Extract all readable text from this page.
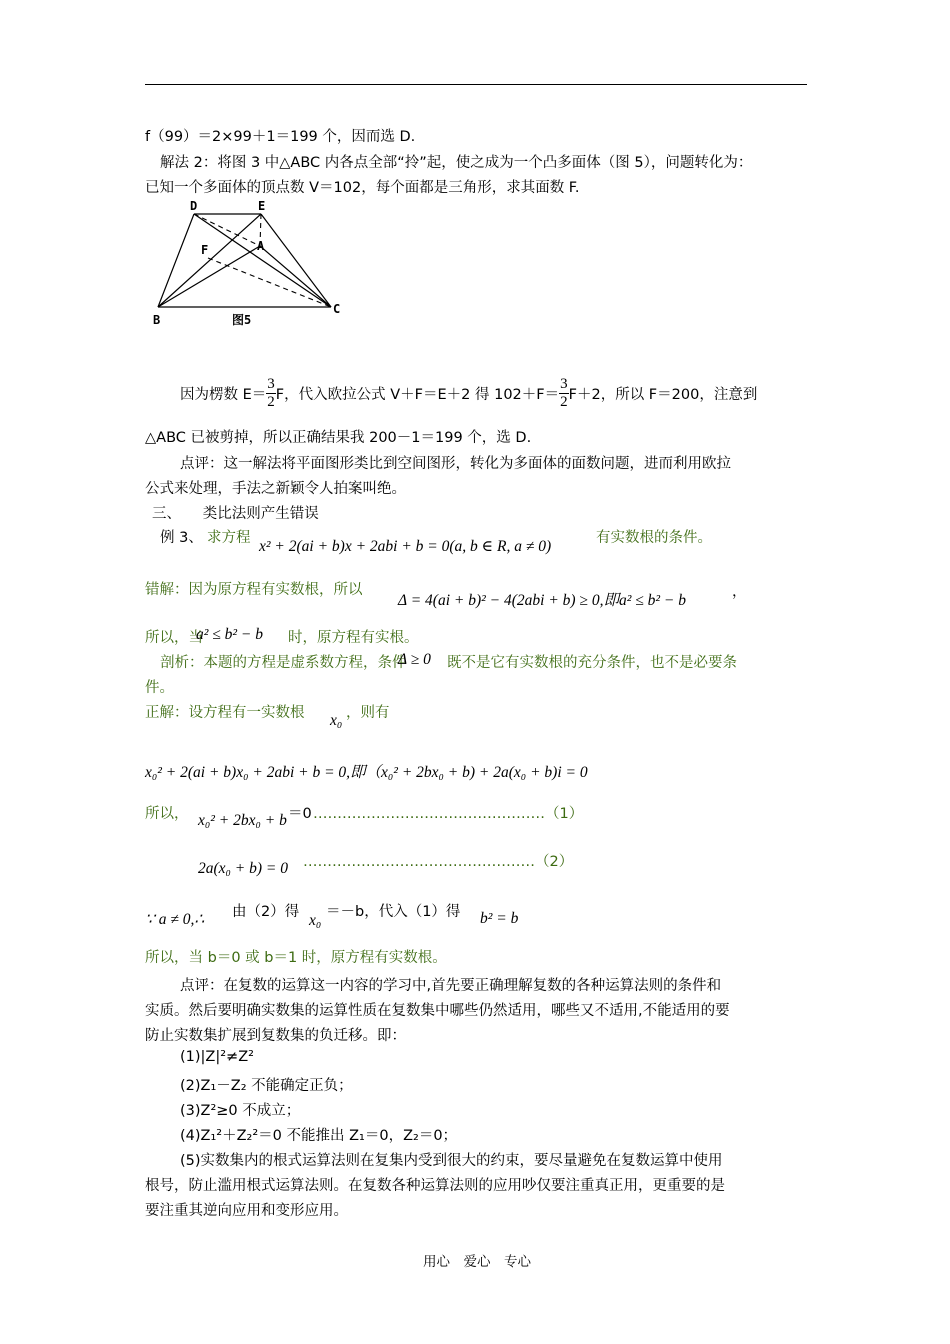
f（99）＝2×99＋1＝199 个，因而选 D.
解法 2：将图 3 中△ABC 内各点全部“拎”起，使之成为一个凸多面体（图 5），问题转化为：
已知一个多面体的顶点数 V＝102，每个面都是三角形，求其面数 F.
D	E
F	A
B
C
图5
因为楞数 $E= \frac{3}{2}$ F，代入欧拉公式 V＋F＝E＋2 得 $102+F= \frac{3}{2} F+2$，所以 F＝200，注意到
△ABC 已被剪掉，所以正确结果我 200－1＝199 个，选 D.
点评：这一解法将平面图形类比到空间图形，转化为多面体的面数问题，进而利用欧拉
公式来处理，手法之新颖令人拍案叫绝。
三、　　类比法则产生错误
例 3、 求方程 x² + 2(ai + b)x + 2abi + b = 0(a, b ∈ R, a ≠ 0)	有实数根的条件。
错解：因为原方程有实数根，所以
Δ = 4(ai + b)² − 4(2abi + b) ≥ 0,即a² ≤ b² − b	，
所以，当
a² ≤ b² − b 时，原方程有实根。
剖析：本题的方程是虚系数方程，条件
Δ ≥ 0 既不是它有实数根的充分条件，也不是必要条
件。
正解：设方程有一实数根 x₀ ，则有
x₀² + 2(ai + b)x₀ + 2abi + b = 0,即（x₀² + 2bx₀ + b) + 2a(x₀ + b)i = 0
所以， x₀² + 2bx₀ + b ＝0 …………………………………………（1）
2a(x₀ + b) = 0 …………………………………………（2）
∵ a ≠ 0,∴ 由（2）得 x₀ ＝－b，代入（1）得 b² = b
所以，当 b＝0 或 b＝1 时，原方程有实数根。
点评：在复数的运算这一内容的学习中,首先要正确理解复数的各种运算法则的条件和
实质。然后要明确实数集的运算性质在复数集中哪些仍然适用，哪些又不适用,不能适用的要
防止实数集扩展到复数集的负迁移。即：
(1)|Z|²≠Z²
(2)Z₁－Z₂ 不能确定正负；
(3)Z²≥0 不成立；
(4)Z₁²＋Z₂²＝0 不能推出 Z₁＝0，Z₂＝0；
(5)实数集内的根式运算法则在复集内受到很大的约束，要尽量避免在复数运算中使用
根号，防止滥用根式运算法则。在复数各种运算法则的应用吵仅要注重真正用，更重要的是
要注重其逆向应用和变形应用。
用心　爱心　专心
